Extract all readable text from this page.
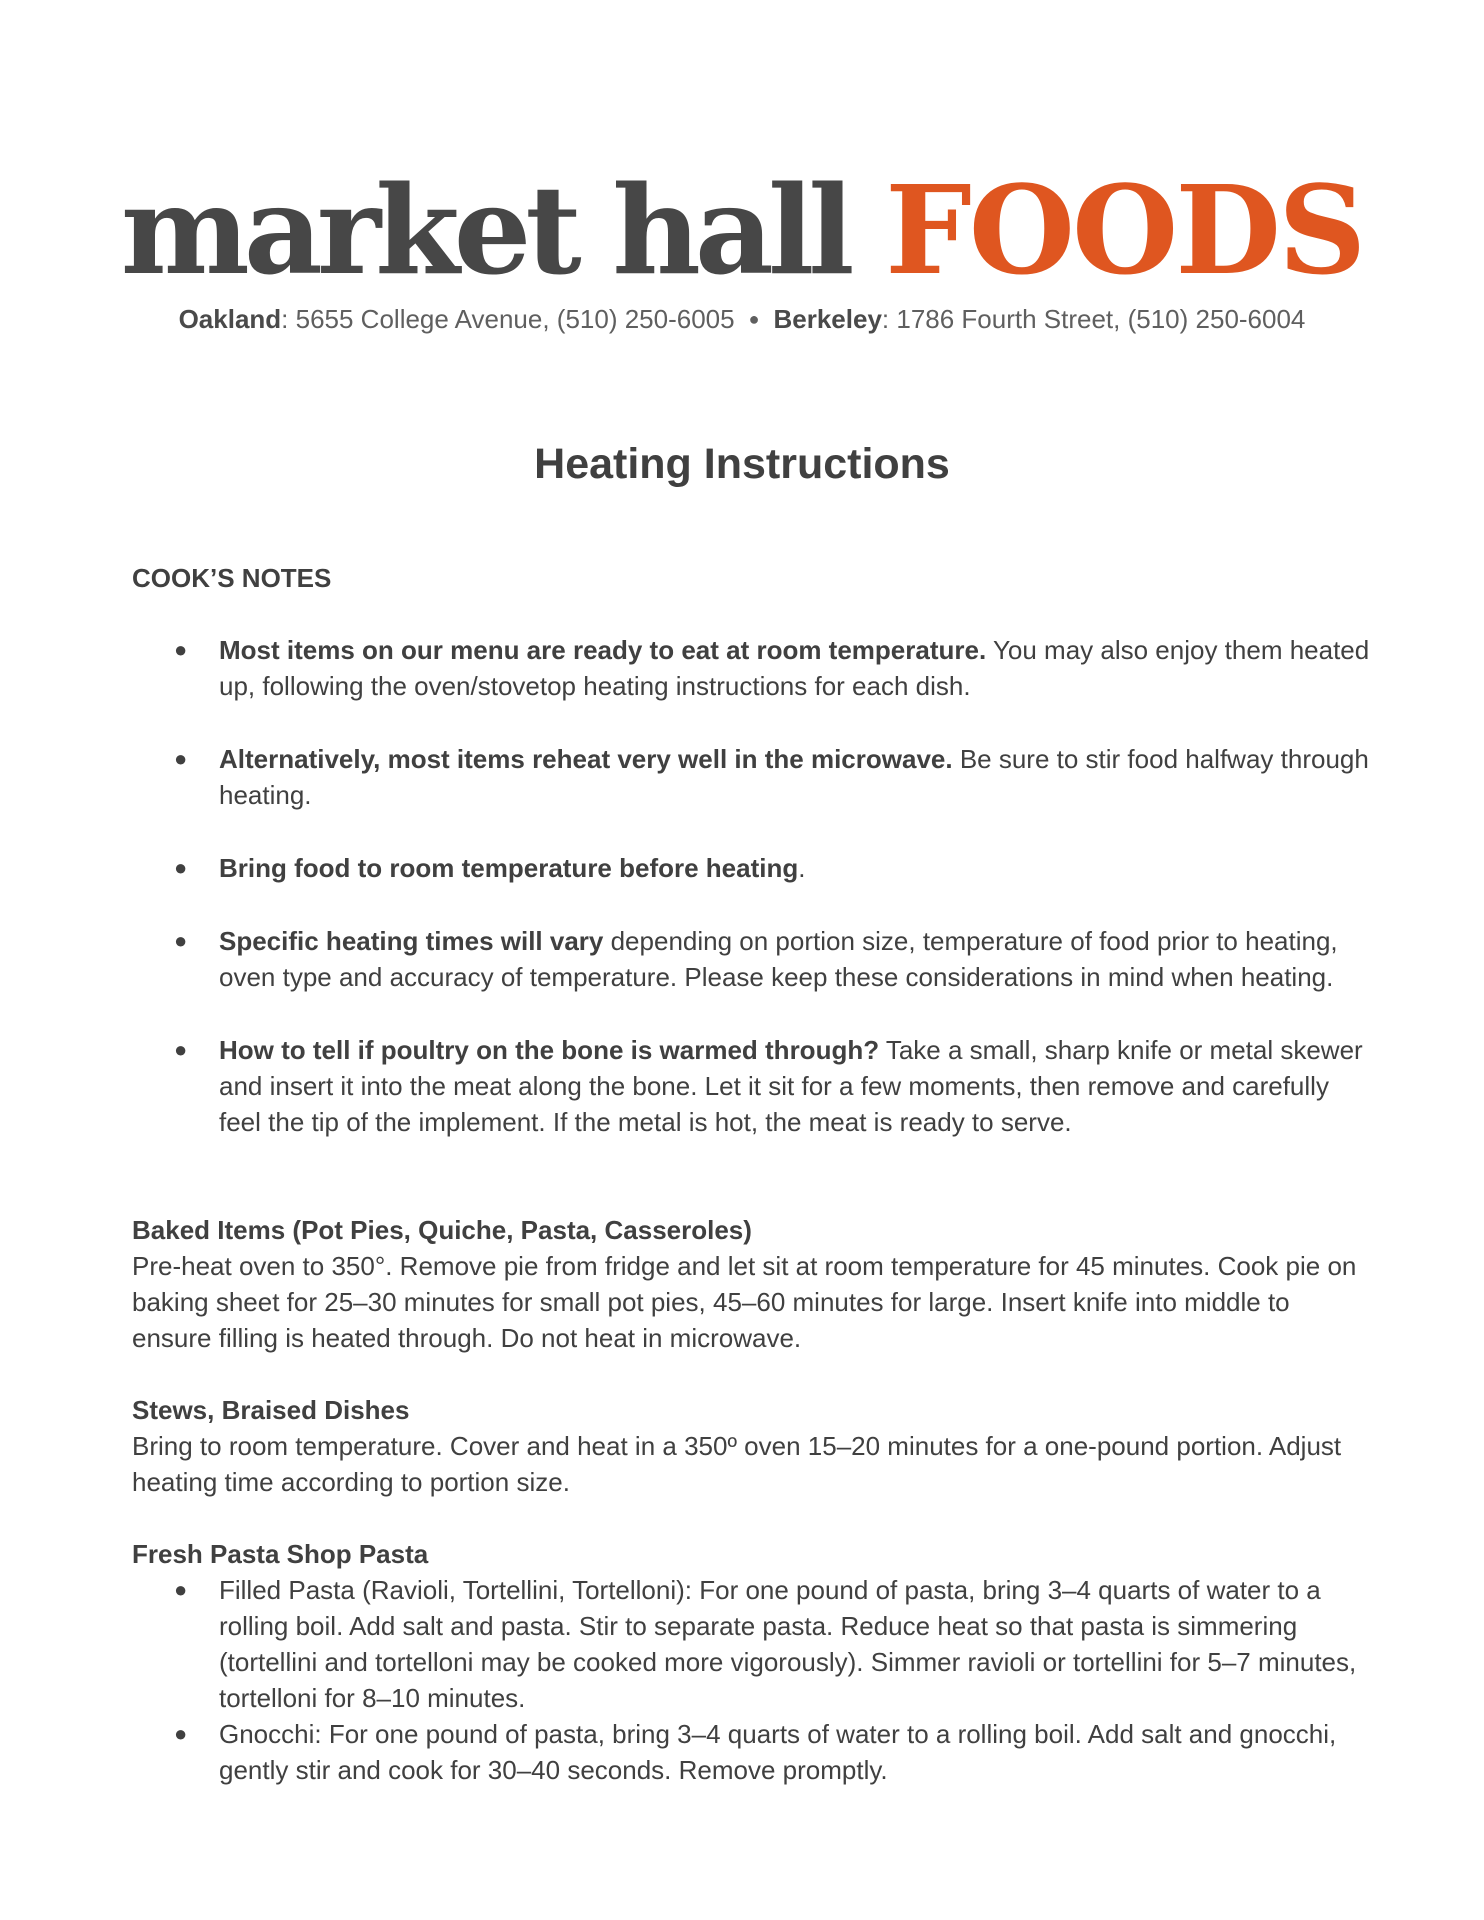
market hall FOODS
Oakland: 5655 College Avenue, (510) 250-6005 ● Berkeley: 1786 Fourth Street, (510) 250-6004
Heating Instructions

COOK’S NOTES

● Most items on our menu are ready to eat at room temperature. You may also enjoy them heated up, following the oven/stovetop heating instructions for each dish.
● Alternatively, most items reheat very well in the microwave. Be sure to stir food halfway through heating.
● Bring food to room temperature before heating.
● Specific heating times will vary depending on portion size, temperature of food prior to heating, oven type and accuracy of temperature. Please keep these considerations in mind when heating.
● How to tell if poultry on the bone is warmed through? Take a small, sharp knife or metal skewer and insert it into the meat along the bone. Let it sit for a few moments, then remove and carefully feel the tip of the implement. If the metal is hot, the meat is ready to serve.

Baked Items (Pot Pies, Quiche, Pasta, Casseroles)

Pre-heat oven to 350°. Remove pie from fridge and let sit at room temperature for 45 minutes. Cook pie on baking sheet for 25–30 minutes for small pot pies, 45–60 minutes for large. Insert knife into middle to ensure filling is heated through. Do not heat in microwave.

Stews, Braised Dishes

Bring to room temperature. Cover and heat in a 350º oven 15–20 minutes for a one-pound portion. Adjust heating time according to portion size.

Fresh Pasta Shop Pasta

● Filled Pasta (Ravioli, Tortellini, Tortelloni): For one pound of pasta, bring 3–4 quarts of water to a rolling boil. Add salt and pasta. Stir to separate pasta. Reduce heat so that pasta is simmering (tortellini and tortelloni may be cooked more vigorously). Simmer ravioli or tortellini for 5–7 minutes, tortelloni for 8–10 minutes.
● Gnocchi: For one pound of pasta, bring 3–4 quarts of water to a rolling boil. Add salt and gnocchi, gently stir and cook for 30–40 seconds. Remove promptly.
